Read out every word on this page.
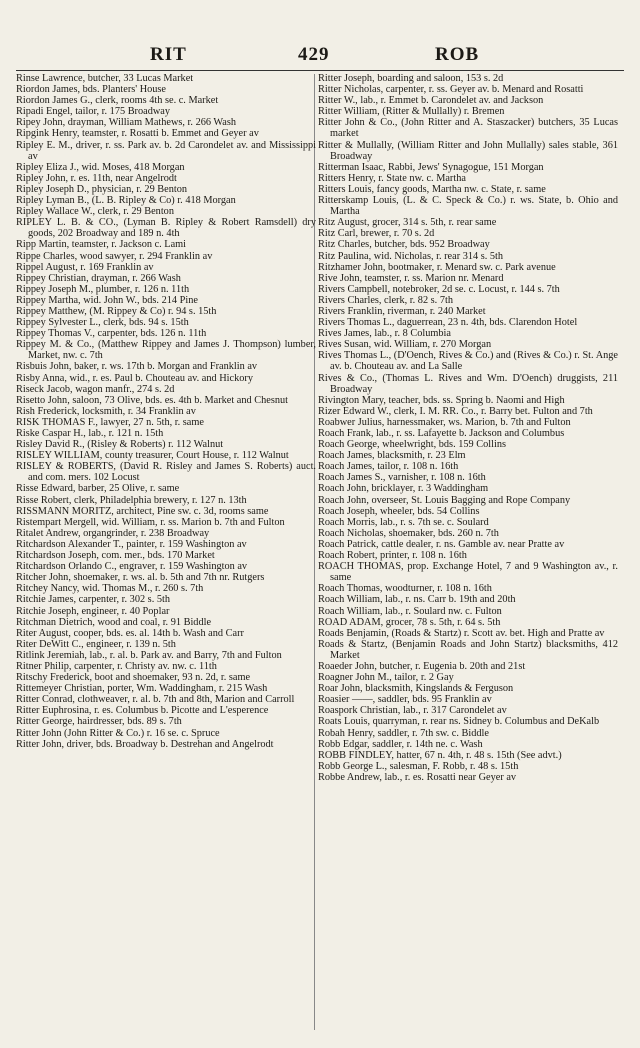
RIT	429	ROB
Rinse Lawrence, butcher, 33 Lucas Market
Riordon James, bds. Planters' House
Riordon James G., clerk, rooms 4th se. c. Market
Ripadi Engel, tailor, r. 175 Broadway
Ripey John, drayman, William Mathews, r. 266 Wash
Ripgink Henry, teamster, r. Rosatti b. Emmet and Geyer av
Ripley E. M., driver, r. ss. Park av. b. 2d Carondelet av. and Mississippi av
Ripley Eliza J., wid. Moses, 418 Morgan
Ripley John, r. es. 11th, near Angelrodt
Ripley Joseph D., physician, r. 29 Benton
Ripley Lyman B., (L. B. Ripley & Co) r. 418 Morgan
Ripley Wallace W., clerk, r. 29 Benton
RIPLEY L. B. & CO., (Lyman B. Ripley & Robert Ramsdell) dry goods, 202 Broadway and 189 n. 4th
Ripp Martin, teamster, r. Jackson c. Lami
Rippe Charles, wood sawyer, r. 294 Franklin av
Rippel August, r. 169 Franklin av
Rippey Christian, drayman, r. 266 Wash
Rippey Joseph M., plumber, r. 126 n. 11th
Rippey Martha, wid. John W., bds. 214 Pine
Rippey Matthew, (M. Rippey & Co) r. 94 s. 15th
Rippey Sylvester L., clerk, bds. 94 s. 15th
Rippey Thomas V., carpenter, bds. 126 n. 11th
Rippey M. & Co., (Matthew Rippey and James J. Thompson) lumber, Market, nw. c. 7th
Risbuis John, baker, r. ws. 17th b. Morgan and Franklin av
Risby Anna, wid., r. es. Paul b. Chouteau av. and Hickory
Riseck Jacob, wagon manfr., 274 s. 2d
Risetto John, saloon, 73 Olive, bds. es. 4th b. Market and Chesnut
Rish Frederick, locksmith, r. 34 Franklin av
RISK THOMAS F., lawyer, 27 n. 5th, r. same
Riske Caspar H., lab., r. 121 n. 15th
Risley David R., (Risley & Roberts) r. 112 Walnut
RISLEY WILLIAM, county treasurer, Court House, r. 112 Walnut
RISLEY & ROBERTS, (David R. Risley and James S. Roberts) auct. and com. mers. 102 Locust
Risse Edward, barber, 25 Olive, r. same
Risse Robert, clerk, Philadelphia brewery, r. 127 n. 13th
RISSMANN MORITZ, architect, Pine sw. c. 3d, rooms same
Ristempart Mergell, wid. William, r. ss. Marion b. 7th and Fulton
Ritalet Andrew, organgrinder, r. 238 Broadway
Ritchardson Alexander T., painter, r. 159 Washington av
Ritchardson Joseph, com. mer., bds. 170 Market
Ritchardson Orlando C., engraver, r. 159 Washington av
Ritcher John, shoemaker, r. ws. al. b. 5th and 7th nr. Rutgers
Ritchey Nancy, wid. Thomas M., r. 260 s. 7th
Ritchie James, carpenter, r. 302 s. 5th
Ritchie Joseph, engineer, r. 40 Poplar
Ritchman Dietrich, wood and coal, r. 91 Biddle
Riter August, cooper, bds. es. al. 14th b. Wash and Carr
Riter DeWitt C., engineer, r. 139 n. 5th
Ritlink Jeremiah, lab., r. al. b. Park av. and Barry, 7th and Fulton
Ritner Philip, carpenter, r. Christy av. nw. c. 11th
Ritschy Frederick, boot and shoemaker, 93 n. 2d, r. same
Rittemeyer Christian, porter, Wm. Waddingham, r. 215 Wash
Ritter Conrad, clothweaver, r. al. b. 7th and 8th, Marion and Carroll
Ritter Euphrosina, r. es. Columbus b. Picotte and L'esperence
Ritter George, hairdresser, bds. 89 s. 7th
Ritter John (John Ritter & Co.) r. 16 se. c. Spruce
Ritter John, driver, bds. Broadway b. Destrehan and Angelrodt
Ritter Joseph, boarding and saloon, 153 s. 2d
Ritter Nicholas, carpenter, r. ss. Geyer av. b. Menard and Rosatti
Ritter W., lab., r. Emmet b. Carondelet av. and Jackson
Ritter William, (Ritter & Mullally) r. Bremen
Ritter John & Co., (John Ritter and A. Staszacker) butchers, 35 Lucas market
Ritter & Mullally, (William Ritter and John Mullally) sales stable, 361 Broadway
Ritterman Isaac, Rabbi, Jews' Synagogue, 151 Morgan
Ritters Henry, r. State nw. c. Martha
Ritters Louis, fancy goods, Martha nw. c. State, r. same
Ritterskamp Louis, (L. & C. Speck & Co.) r. ws. State, b. Ohio and Martha
Ritz August, grocer, 314 s. 5th, r. rear same
Ritz Carl, brewer, r. 70 s. 2d
Ritz Charles, butcher, bds. 952 Broadway
Ritz Paulina, wid. Nicholas, r. rear 314 s. 5th
Ritzhamer John, bootmaker, r. Menard sw. c. Park avenue
Rive John, teamster, r. ss. Marion nr. Menard
Rivers Campbell, notebroker, 2d se. c. Locust, r. 144 s. 7th
Rivers Charles, clerk, r. 82 s. 7th
Rivers Franklin, riverman, r. 240 Market
Rivers Thomas L., daguerrean, 23 n. 4th, bds. Clarendon Hotel
Rives James, lab., r. 8 Columbia
Rives Susan, wid. William, r. 270 Morgan
Rives Thomas L., (D'Oench, Rives & Co.) and (Rives & Co.) r. St. Ange av. b. Chouteau av. and La Salle
Rives & Co., (Thomas L. Rives and Wm. D'Oench) druggists, 211 Broadway
Rivington Mary, teacher, bds. ss. Spring b. Naomi and High
Rizer Edward W., clerk, I. M. RR. Co., r. Barry bet. Fulton and 7th
Roabwer Julius, harnessmaker, ws. Marion, b. 7th and Fulton
Roach Frank, lab., r. ss. Lafayette b. Jackson and Columbus
Roach George, wheelwright, bds. 159 Collins
Roach James, blacksmith, r. 23 Elm
Roach James, tailor, r. 108 n. 16th
Roach James S., varnisher, r. 108 n. 16th
Roach John, bricklayer, r. 3 Waddingham
Roach John, overseer, St. Louis Bagging and Rope Company
Roach Joseph, wheeler, bds. 54 Collins
Roach Morris, lab., r. s. 7th se. c. Soulard
Roach Nicholas, shoemaker, bds. 260 n. 7th
Roach Patrick, cattle dealer, r. ns. Gamble av. near Pratte av
Roach Robert, printer, r. 108 n. 16th
ROACH THOMAS, prop. Exchange Hotel, 7 and 9 Washington av., r. same
Roach Thomas, woodturner, r. 108 n. 16th
Roach William, lab., r. ns. Carr b. 19th and 20th
Roach William, lab., r. Soulard nw. c. Fulton
ROAD ADAM, grocer, 78 s. 5th, r. 64 s. 5th
Roads Benjamin, (Roads & Startz) r. Scott av. bet. High and Pratte av
Roads & Startz, (Benjamin Roads and John Startz) blacksmiths, 412 Market
Roaeder John, butcher, r. Eugenia b. 20th and 21st
Roagner John M., tailor, r. 2 Gay
Roar John, blacksmith, Kingslands & Ferguson
Roasier ——, saddler, bds. 95 Franklin av
Roaspork Christian, lab., r. 317 Carondelet av
Roats Louis, quarryman, r. rear ns. Sidney b. Columbus and DeKalb
Robah Henry, saddler, r. 7th sw. c. Biddle
Robb Edgar, saddler, r. 14th ne. c. Wash
ROBB FINDLEY, hatter, 67 n. 4th, r. 48 s. 15th (See advt.)
Robb George L., salesman, F. Robb, r. 48 s. 15th
Robbe Andrew, lab., r. es. Rosatti near Geyer av
